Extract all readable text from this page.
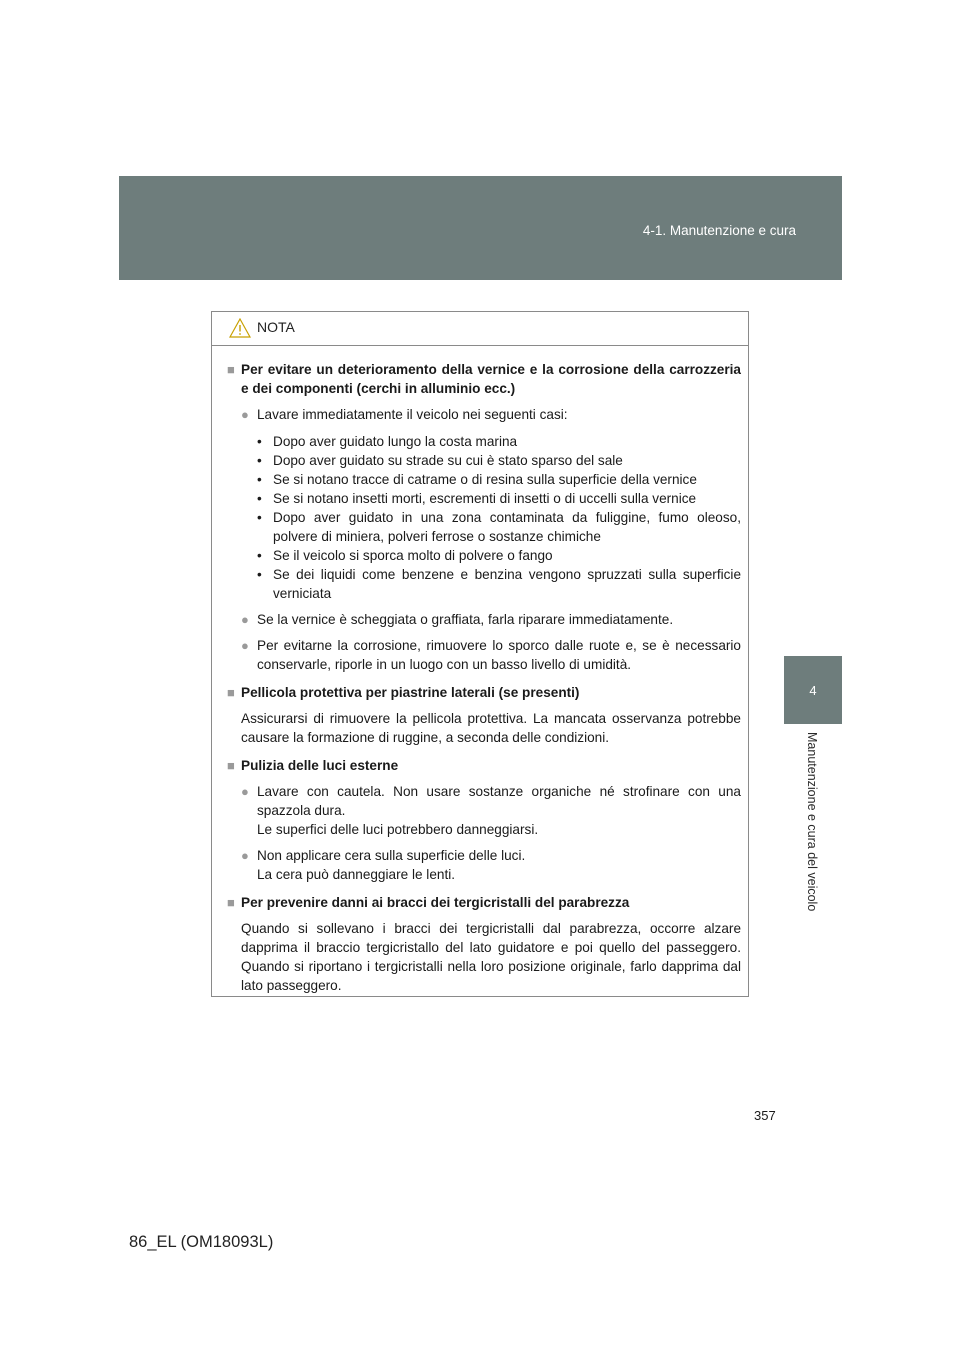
4-1. Manutenzione e cura
4
Manutenzione e cura del veicolo
NOTA
■ Per evitare un deterioramento della vernice e la corrosione della carrozzeria e dei componenti (cerchi in alluminio ecc.)
● Lavare immediatamente il veicolo nei seguenti casi:
• Dopo aver guidato lungo la costa marina
• Dopo aver guidato su strade su cui è stato sparso del sale
• Se si notano tracce di catrame o di resina sulla superficie della vernice
• Se si notano insetti morti, escrementi di insetti o di uccelli sulla vernice
• Dopo aver guidato in una zona contaminata da fuliggine, fumo oleoso, polvere di miniera, polveri ferrose o sostanze chimiche
• Se il veicolo si sporca molto di polvere o fango
• Se dei liquidi come benzene e benzina vengono spruzzati sulla superficie verniciata
● Se la vernice è scheggiata o graffiata, farla riparare immediatamente.
● Per evitarne la corrosione, rimuovere lo sporco dalle ruote e, se è necessario conservarle, riporle in un luogo con un basso livello di umidità.
■ Pellicola protettiva per piastrine laterali (se presenti)
Assicurarsi di rimuovere la pellicola protettiva. La mancata osservanza potrebbe causare la formazione di ruggine, a seconda delle condizioni.
■ Pulizia delle luci esterne
● Lavare con cautela. Non usare sostanze organiche né strofinare con una spazzola dura.
Le superfici delle luci potrebbero danneggiarsi.
● Non applicare cera sulla superficie delle luci.
La cera può danneggiare le lenti.
■ Per prevenire danni ai bracci dei tergicristalli del parabrezza
Quando si sollevano i bracci dei tergicristalli dal parabrezza, occorre alzare dapprima il braccio tergicristallo del lato guidatore e poi quello del passeggero. Quando si riportano i tergicristalli nella loro posizione originale, farlo dapprima dal lato passeggero.
357
86_EL (OM18093L)
